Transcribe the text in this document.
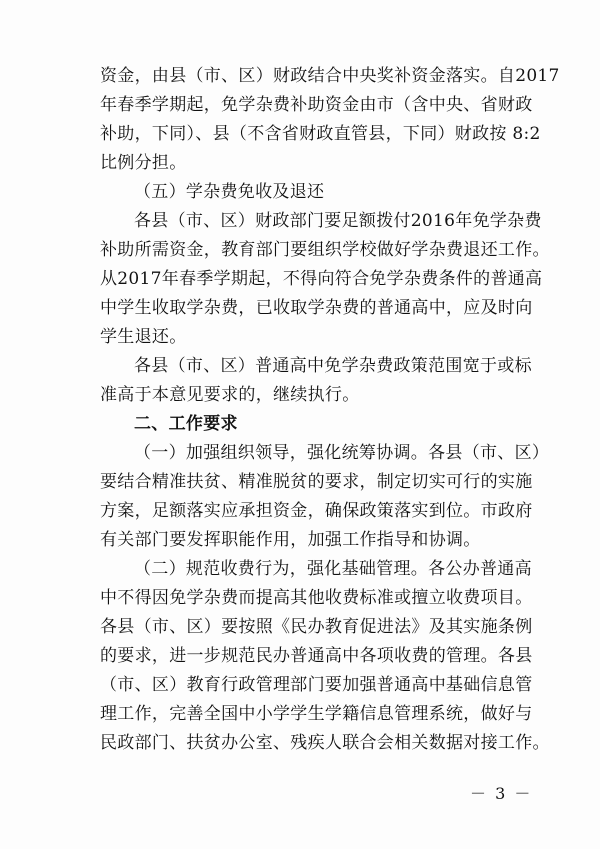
资金，由县（市、区）财政结合中央奖补资金落实。自2017
年春季学期起，免学杂费补助资金由市（含中央、省财政
补助，下同）、县（不含省财政直管县，下同）财政按 8:2
比例分担。
（五）学杂费免收及退还
各县（市、区）财政部门要足额拨付2016年免学杂费
补助所需资金，教育部门要组织学校做好学杂费退还工作。
从2017年春季学期起，不得向符合免学杂费条件的普通高
中学生收取学杂费，已收取学杂费的普通高中，应及时向
学生退还。
各县（市、区）普通高中免学杂费政策范围宽于或标
准高于本意见要求的，继续执行。
二、工作要求
（一）加强组织领导，强化统筹协调。各县（市、区）
要结合精准扶贫、精准脱贫的要求，制定切实可行的实施
方案，足额落实应承担资金，确保政策落实到位。市政府
有关部门要发挥职能作用，加强工作指导和协调。
（二）规范收费行为，强化基础管理。各公办普通高
中不得因免学杂费而提高其他收费标准或擅立收费项目。
各县（市、区）要按照《民办教育促进法》及其实施条例
的要求，进一步规范民办普通高中各项收费的管理。各县
（市、区）教育行政管理部门要加强普通高中基础信息管
理工作，完善全国中小学学生学籍信息管理系统，做好与
民政部门、扶贫办公室、残疾人联合会相关数据对接工作。
－ 3 －
